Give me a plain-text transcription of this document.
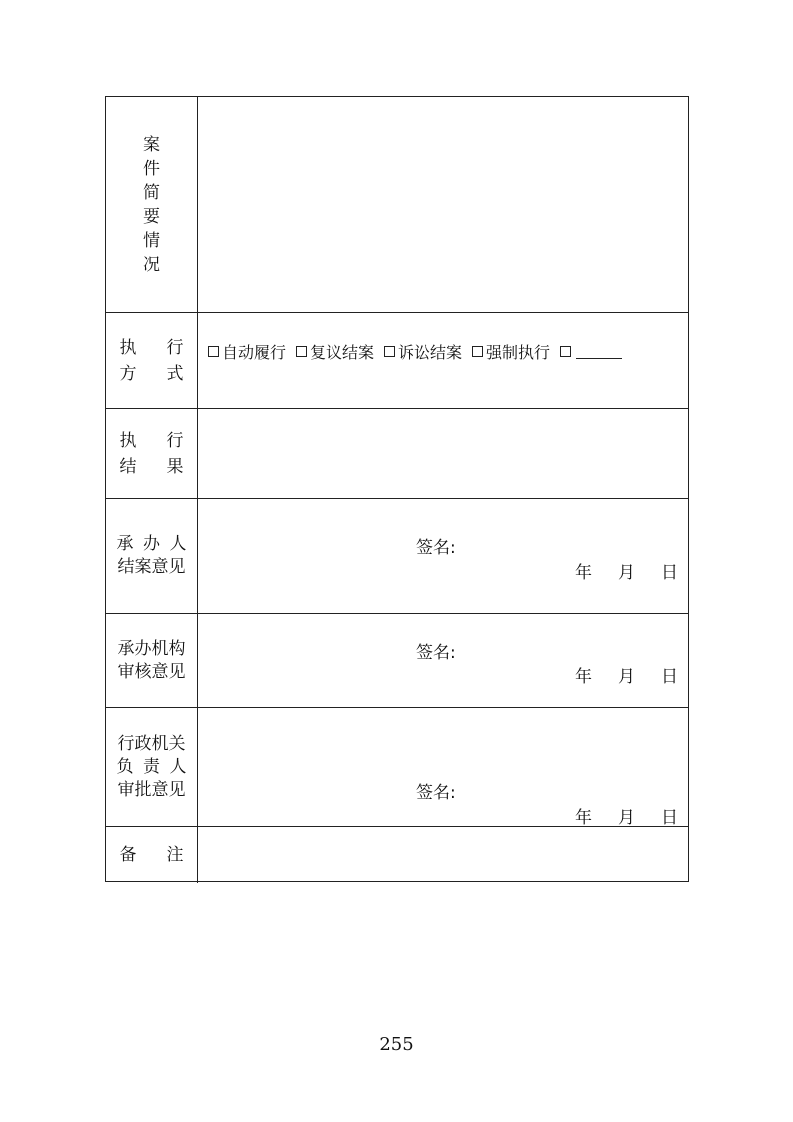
案
件
简
要
情
况
执 行
方 式
自动履行 复议结案 诉讼结案 强制执行
执 行
结 果
承 办 人
结案意见
签名:
年 月 日
承办机构
审核意见
签名:
年 月 日
行政机关
负 责 人
审批意见	签名:
年 月 日
备 注
255
